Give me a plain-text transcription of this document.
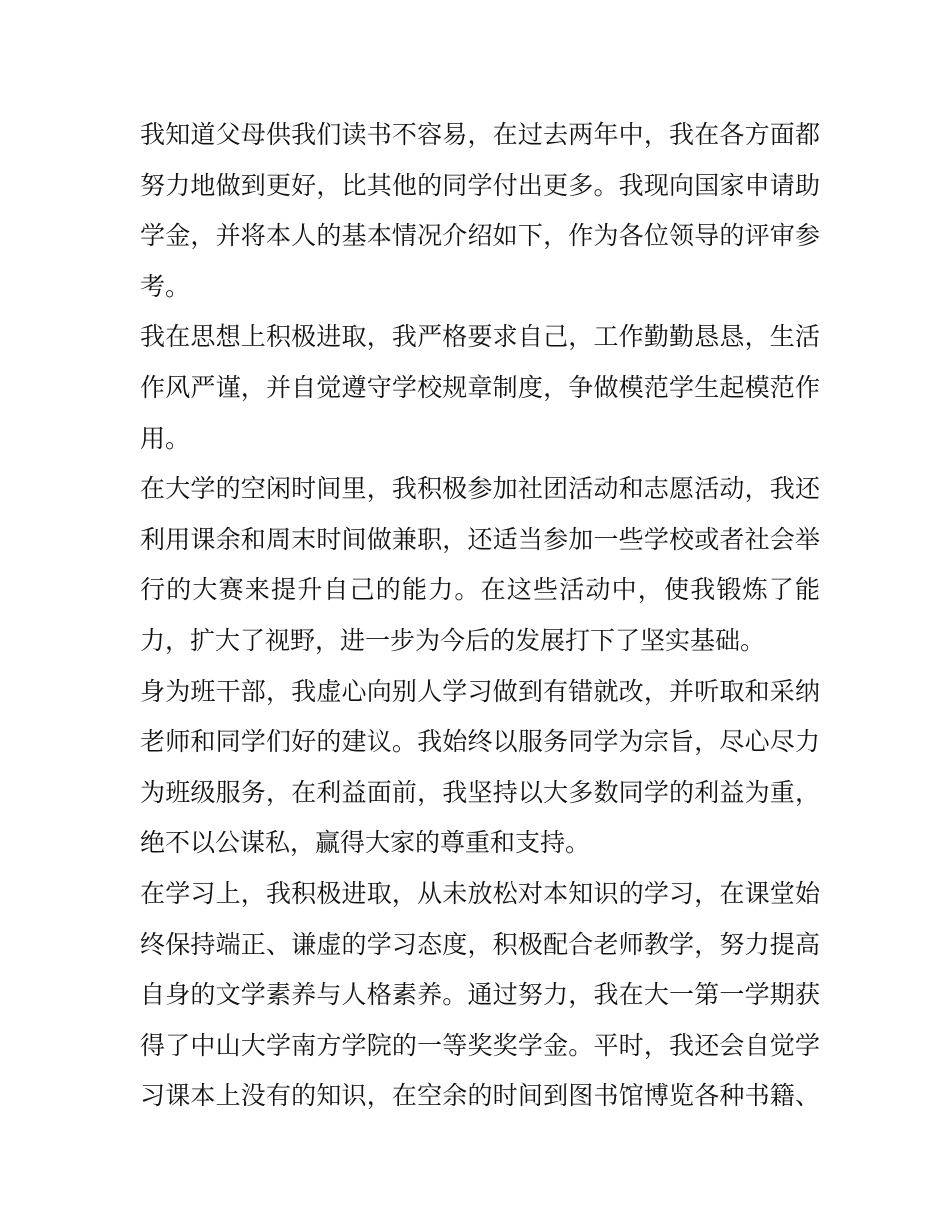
我知道父母供我们读书不容易，在过去两年中，我在各方面都
努力地做到更好，比其他的同学付出更多。我现向国家申请助
学金，并将本人的基本情况介绍如下，作为各位领导的评审参
考。
我在思想上积极进取，我严格要求自己，工作勤勤恳恳，生活
作风严谨，并自觉遵守学校规章制度，争做模范学生起模范作
用。
在大学的空闲时间里，我积极参加社团活动和志愿活动，我还
利用课余和周末时间做兼职，还适当参加一些学校或者社会举
行的大赛来提升自己的能力。在这些活动中，使我锻炼了能
力，扩大了视野，进一步为今后的发展打下了坚实基础。
身为班干部，我虚心向别人学习做到有错就改，并听取和采纳
老师和同学们好的建议。我始终以服务同学为宗旨，尽心尽力
为班级服务，在利益面前，我坚持以大多数同学的利益为重，
绝不以公谋私，赢得大家的尊重和支持。
在学习上，我积极进取，从未放松对本知识的学习，在课堂始
终保持端正、谦虚的学习态度，积极配合老师教学，努力提高
自身的文学素养与人格素养。通过努力，我在大一第一学期获
得了中山大学南方学院的一等奖奖学金。平时，我还会自觉学
习课本上没有的知识，在空余的时间到图书馆博览各种书籍、
